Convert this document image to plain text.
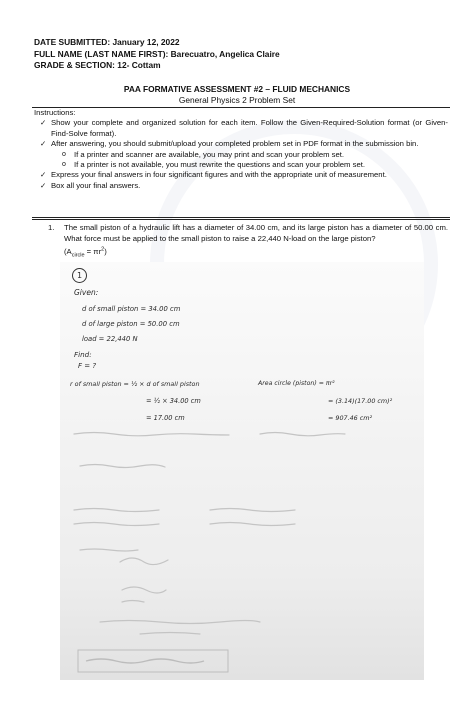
DATE SUBMITTED: January 12, 2022
FULL NAME (LAST NAME FIRST): Barecuatro, Angelica Claire
GRADE & SECTION: 12- Cottam
PAA FORMATIVE ASSESSMENT #2 – FLUID MECHANICS
General Physics 2 Problem Set
Instructions:
✓ Show your complete and organized solution for each item. Follow the Given-Required-Solution format (or Given-Find-Solve format).
✓ After answering, you should submit/upload your completed problem set in PDF format in the submission bin.
o If a printer and scanner are available, you may print and scan your problem set.
o If a printer is not available, you must rewrite the questions and scan your problem set.
✓ Express your final answers in four significant figures and with the appropriate unit of measurement.
✓ Box all your final answers.
1. The small piston of a hydraulic lift has a diameter of 34.00 cm, and its large piston has a diameter of 50.00 cm. What force must be applied to the small piston to raise a 22,440 N-load on the large piston?
$(A_{circle} = \pi r^2)$
1
Given:
d of small piston = 34.00 cm
d of large piston = 50.00 cm
load = 22,440 N
Find:
F = ?
r of small piston = ½ × d of small piston
= ½ × 34.00 cm
= 17.00 cm
Area circle (piston) = πr²
= (3.14)(17.00 cm)²
= 907.46 cm²
